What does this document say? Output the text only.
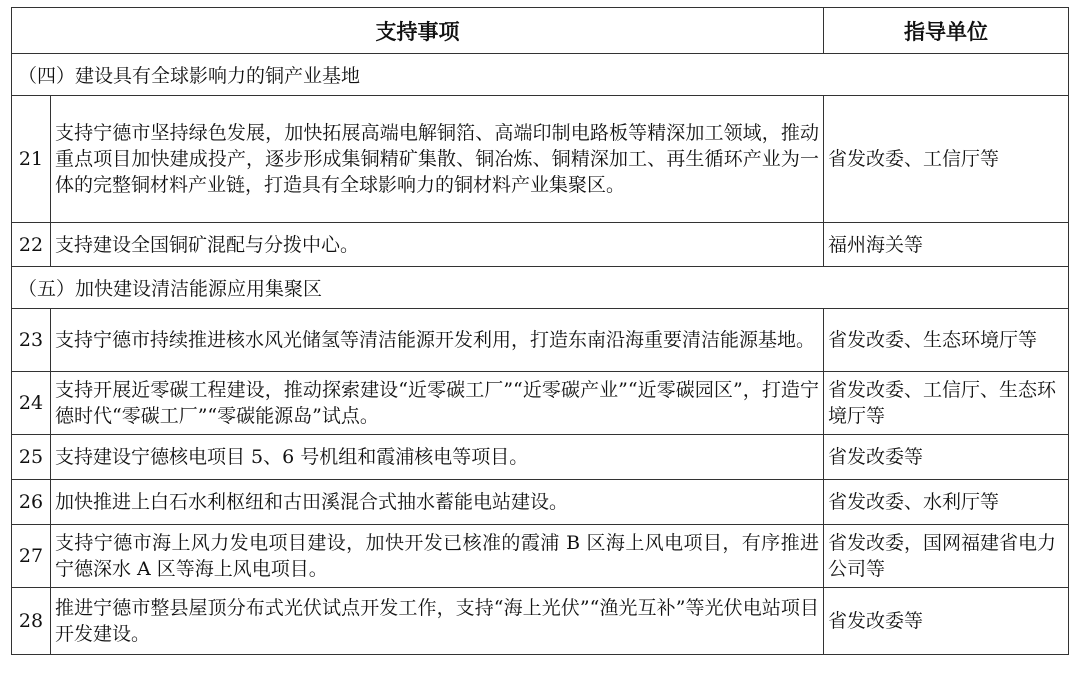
支持事项		指导单位
（四）建设具有全球影响力的铜产业基地		
21	支持宁德市坚持绿色发展，加快拓展高端电解铜箔、高端印制电路板等精深加工领域，推动重点项目加快建成投产，逐步形成集铜精矿集散、铜冶炼、铜精深加工、再生循环产业为一体的完整铜材料产业链，打造具有全球影响力的铜材料产业集聚区。	省发改委、工信厅等
22	支持建设全国铜矿混配与分拨中心。	福州海关等
（五）加快建设清洁能源应用集聚区		
23	支持宁德市持续推进核水风光储氢等清洁能源开发利用，打造东南沿海重要清洁能源基地。	省发改委、生态环境厅等
24	支持开展近零碳工程建设，推动探索建设“近零碳工厂”“近零碳产业”“近零碳园区”，打造宁德时代“零碳工厂”“零碳能源岛”试点。	省发改委、工信厅、生态环境厅等
25	支持建设宁德核电项目 5、6 号机组和霞浦核电等项目。	省发改委等
26	加快推进上白石水利枢纽和古田溪混合式抽水蓄能电站建设。	省发改委、水利厅等
27	支持宁德市海上风力发电项目建设，加快开发已核准的霞浦 B 区海上风电项目，有序推进宁德深水 A 区等海上风电项目。	省发改委，国网福建省电力公司等
28	推进宁德市整县屋顶分布式光伏试点开发工作，支持“海上光伏”“渔光互补”等光伏电站项目开发建设。	省发改委等
